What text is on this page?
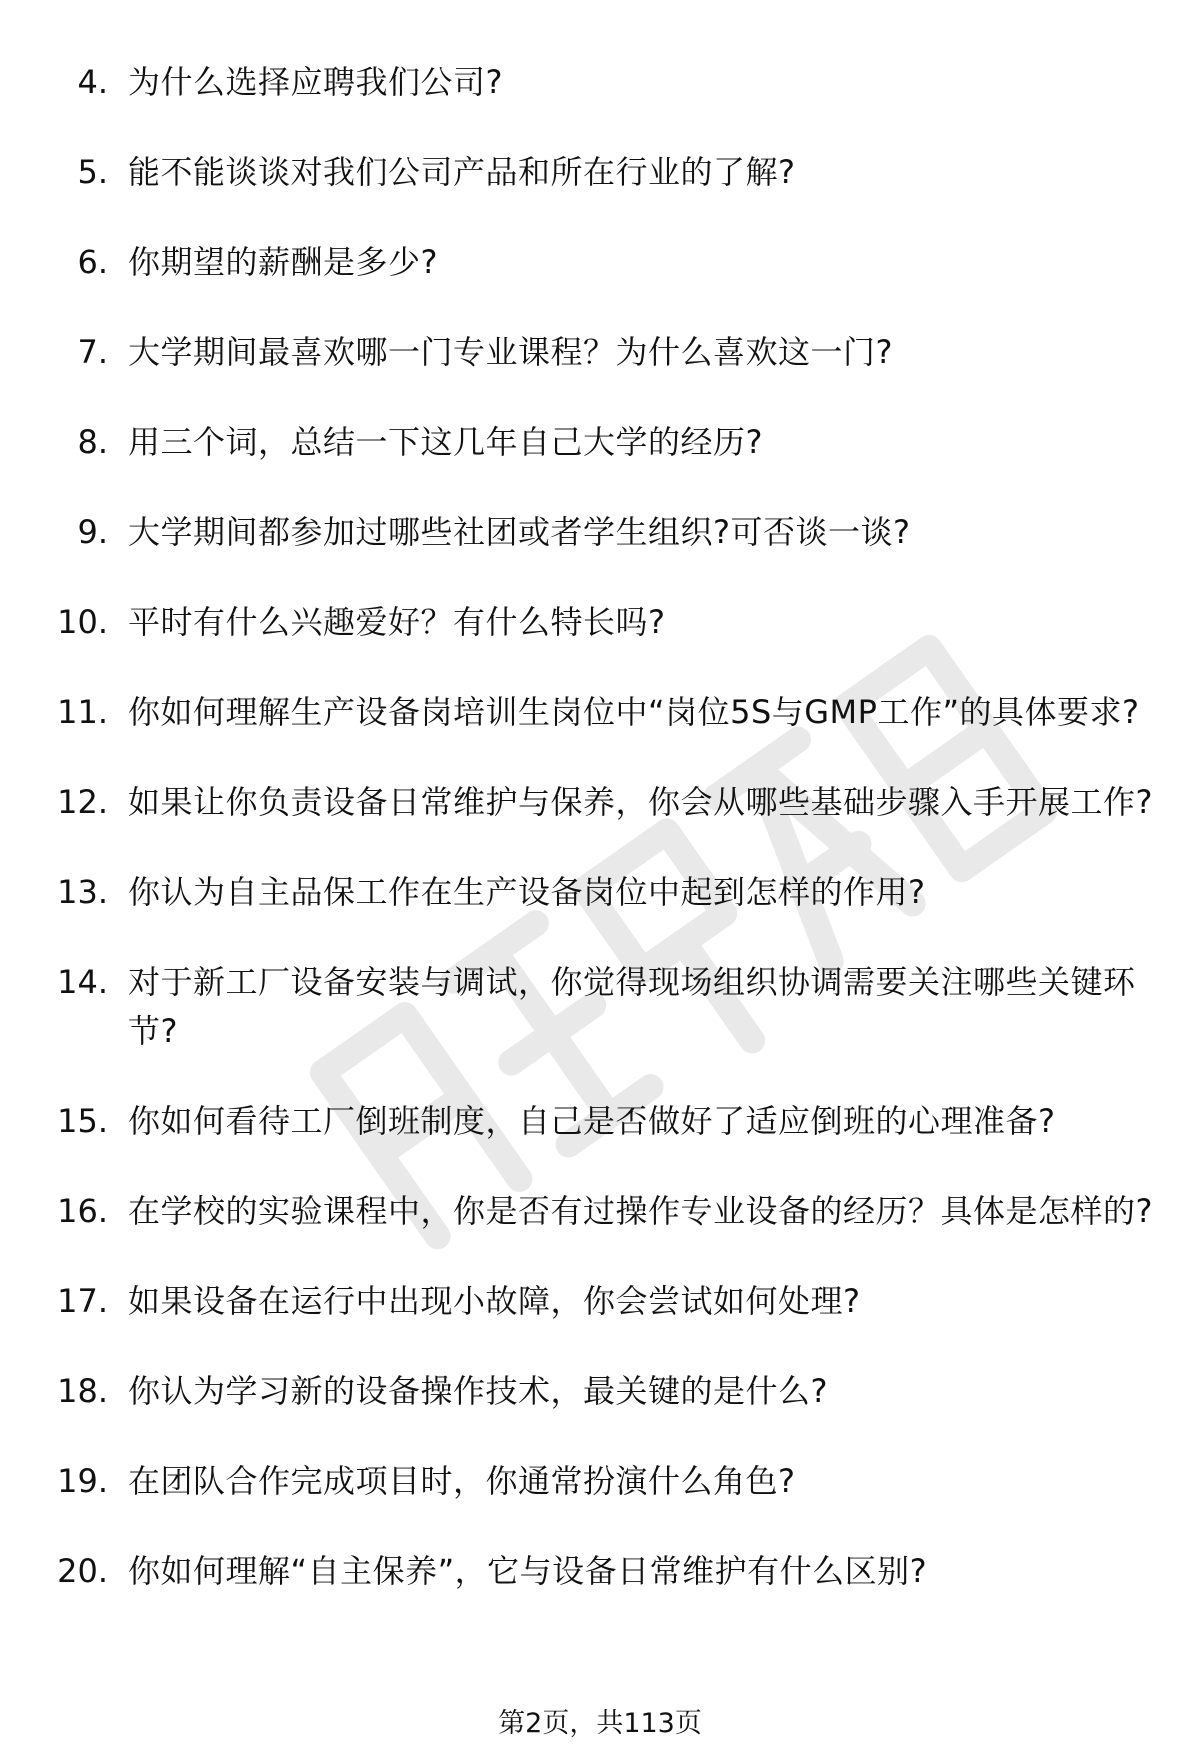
4. 为什么选择应聘我们公司?
5. 能不能谈谈对我们公司产品和所在行业的了解?
6. 你期望的薪酬是多少?
7. 大学期间最喜欢哪一门专业课程？为什么喜欢这一门?
8. 用三个词，总结一下这几年自己大学的经历?
9. 大学期间都参加过哪些社团或者学生组织?可否谈一谈?
10. 平时有什么兴趣爱好？有什么特长吗?
11. 你如何理解生产设备岗培训生岗位中“岗位5S与GMP工作”的具体要求?
12. 如果让你负责设备日常维护与保养，你会从哪些基础步骤入手开展工作?
13. 你认为自主品保工作在生产设备岗位中起到怎样的作用?
14. 对于新工厂设备安装与调试，你觉得现场组织协调需要关注哪些关键环节?
15. 你如何看待工厂倒班制度，自己是否做好了适应倒班的心理准备?
16. 在学校的实验课程中，你是否有过操作专业设备的经历？具体是怎样的?
17. 如果设备在运行中出现小故障，你会尝试如何处理?
18. 你认为学习新的设备操作技术，最关键的是什么?
19. 在团队合作完成项目时，你通常扮演什么角色?
20. 你如何理解“自主保养”，它与设备日常维护有什么区别?
第2页，共113页
